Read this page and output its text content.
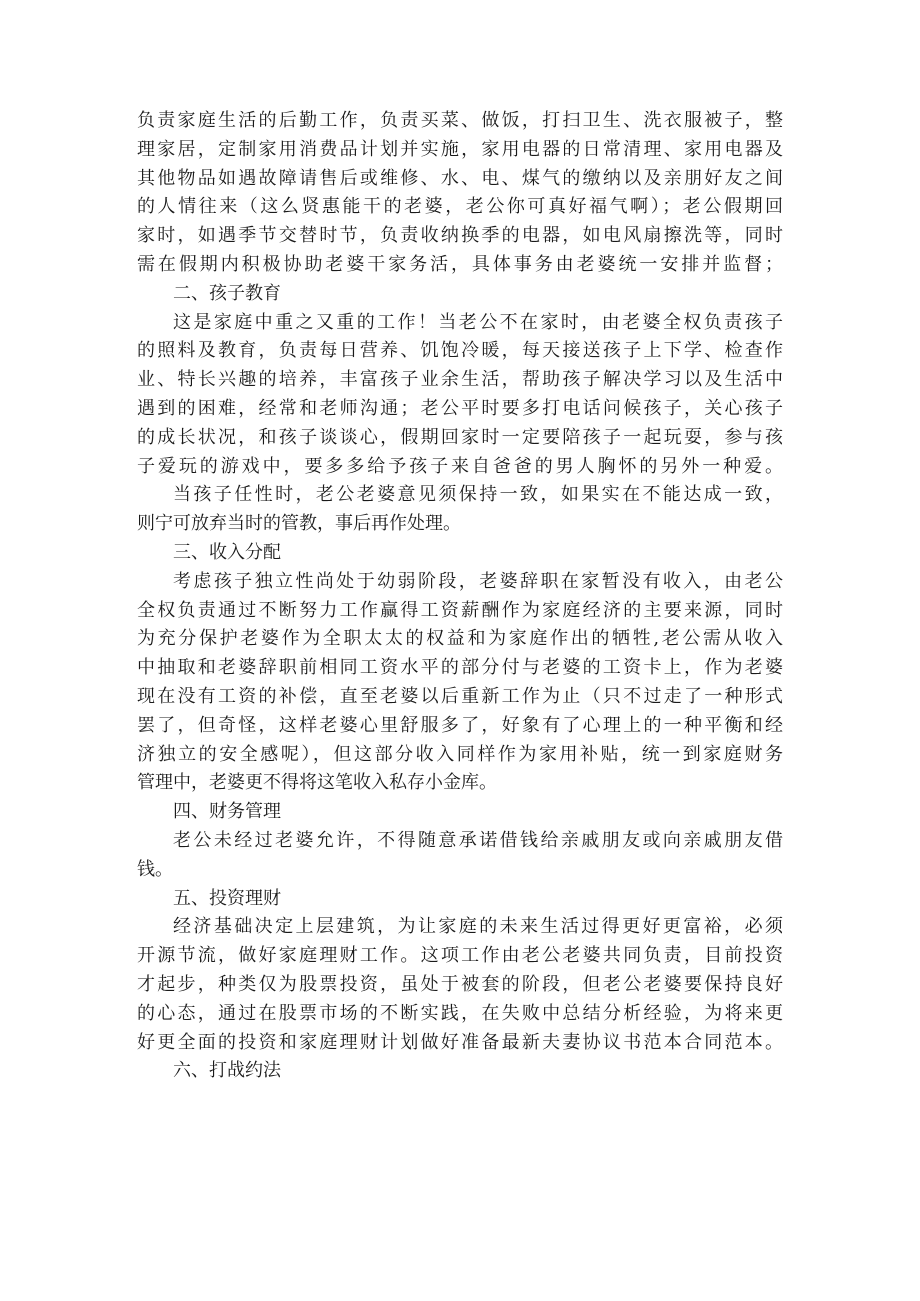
负责家庭生活的后勤工作，负责买菜、做饭，打扫卫生、洗衣服被子，整
理家居，定制家用消费品计划并实施，家用电器的日常清理、家用电器及
其他物品如遇故障请售后或维修、水、电、煤气的缴纳以及亲朋好友之间
的人情往来（这么贤惠能干的老婆，老公你可真好福气啊）；老公假期回
家时，如遇季节交替时节，负责收纳换季的电器，如电风扇擦洗等，同时
需在假期内积极协助老婆干家务活，具体事务由老婆统一安排并监督；
二、孩子教育
这是家庭中重之又重的工作！当老公不在家时，由老婆全权负责孩子
的照料及教育，负责每日营养、饥饱冷暖，每天接送孩子上下学、检查作
业、特长兴趣的培养，丰富孩子业余生活，帮助孩子解决学习以及生活中
遇到的困难，经常和老师沟通；老公平时要多打电话问候孩子，关心孩子
的成长状况，和孩子谈谈心，假期回家时一定要陪孩子一起玩耍，参与孩
子爱玩的游戏中，要多多给予孩子来自爸爸的男人胸怀的另外一种爱。
当孩子任性时，老公老婆意见须保持一致，如果实在不能达成一致，
则宁可放弃当时的管教，事后再作处理。
三、收入分配
考虑孩子独立性尚处于幼弱阶段，老婆辞职在家暂没有收入，由老公
全权负责通过不断努力工作赢得工资薪酬作为家庭经济的主要来源，同时
为充分保护老婆作为全职太太的权益和为家庭作出的牺牲,老公需从收入
中抽取和老婆辞职前相同工资水平的部分付与老婆的工资卡上，作为老婆
现在没有工资的补偿，直至老婆以后重新工作为止（只不过走了一种形式
罢了，但奇怪，这样老婆心里舒服多了，好象有了心理上的一种平衡和经
济独立的安全感呢），但这部分收入同样作为家用补贴，统一到家庭财务
管理中，老婆更不得将这笔收入私存小金库。
四、财务管理
老公未经过老婆允许，不得随意承诺借钱给亲戚朋友或向亲戚朋友借
钱。
五、投资理财
经济基础决定上层建筑，为让家庭的未来生活过得更好更富裕，必须
开源节流，做好家庭理财工作。这项工作由老公老婆共同负责，目前投资
才起步，种类仅为股票投资，虽处于被套的阶段，但老公老婆要保持良好
的心态，通过在股票市场的不断实践，在失败中总结分析经验，为将来更
好更全面的投资和家庭理财计划做好准备最新夫妻协议书范本合同范本。
六、打战约法
